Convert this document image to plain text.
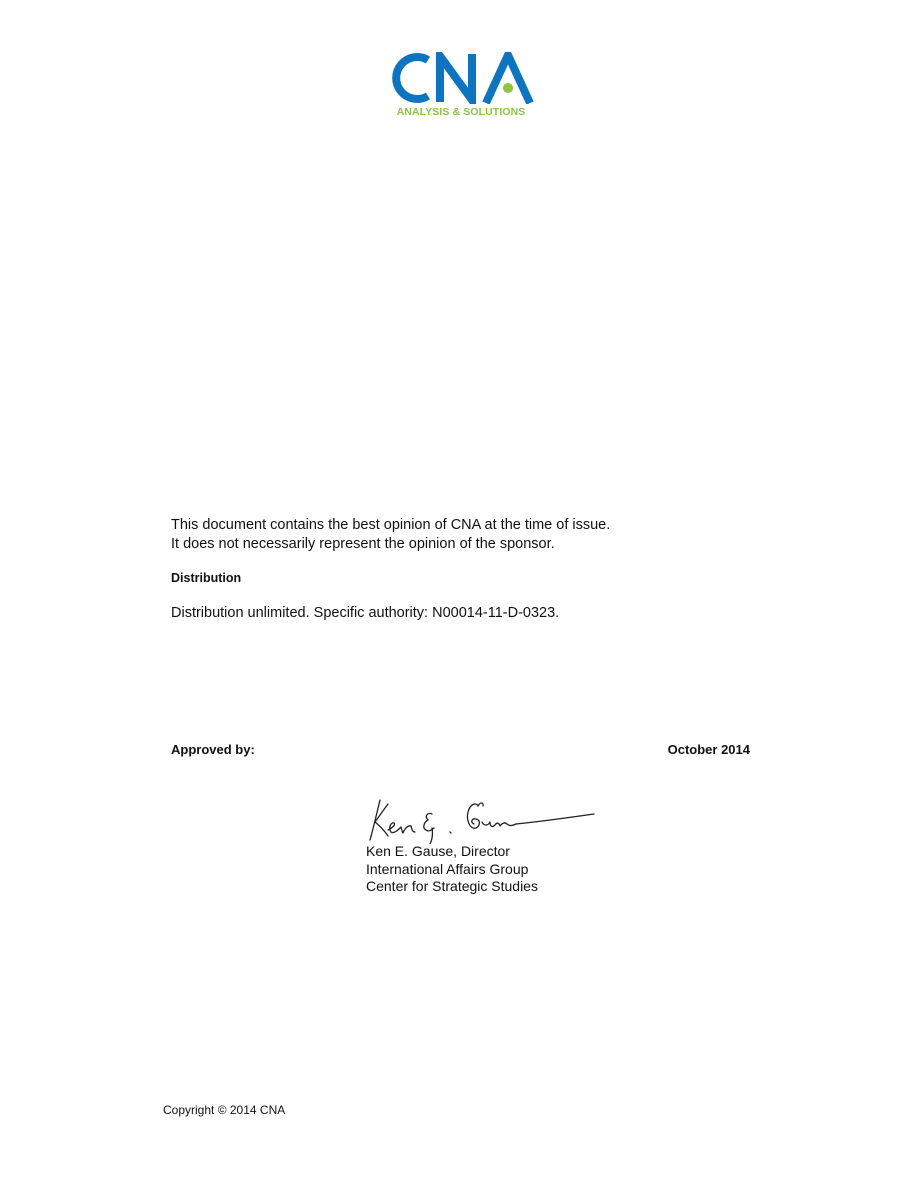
ANALYSIS & SOLUTIONS
This document contains the best opinion of CNA at the time of issue.
It does not necessarily represent the opinion of the sponsor.
Distribution
Distribution unlimited. Specific authority: N00014-11-D-0323.
Approved by:	October 2014
Ken E. Gause, Director
International Affairs Group
Center for Strategic Studies
Copyright © 2014 CNA
